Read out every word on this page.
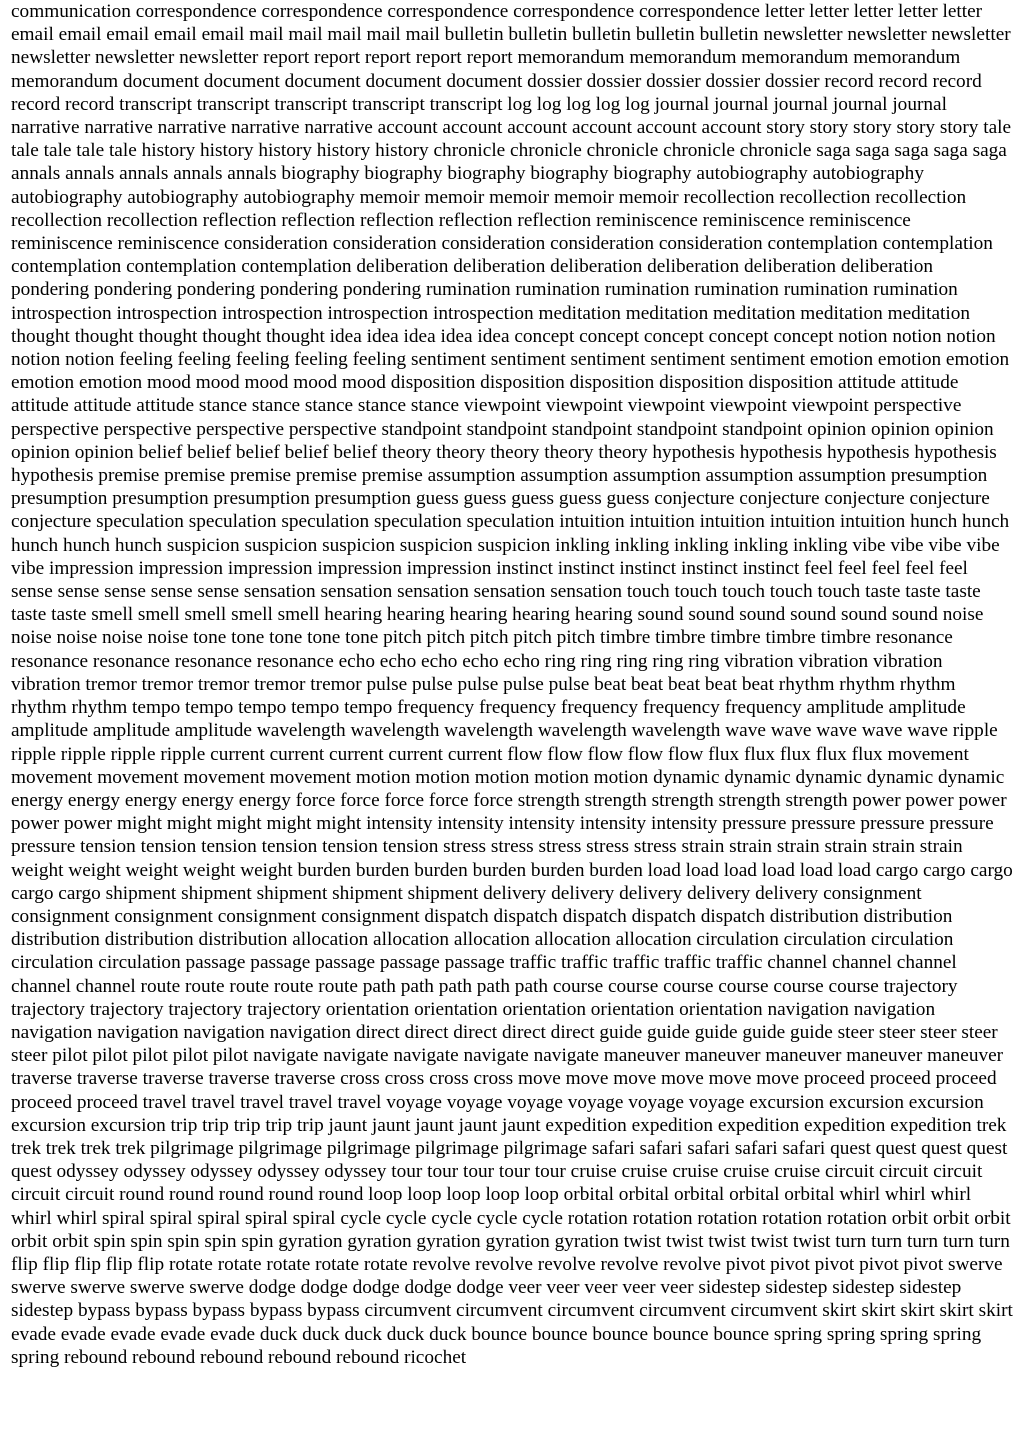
communication correspondence correspondence correspondence correspondence correspondence letter letter letter letter letter email email email email email mail mail mail mail mail bulletin bulletin bulletin bulletin bulletin newsletter newsletter newsletter newsletter newsletter newsletter report report report report report memorandum memorandum memorandum memorandum memorandum document document document document document dossier dossier dossier dossier dossier record record record record record transcript transcript transcript transcript transcript log log log log log journal journal journal journal journal narrative narrative narrative narrative narrative account account account account account account story story story story story tale tale tale tale tale history history history history history chronicle chronicle chronicle chronicle chronicle saga saga saga saga saga annals annals annals annals annals biography biography biography biography biography autobiography autobiography autobiography autobiography autobiography memoir memoir memoir memoir memoir recollection recollection recollection recollection recollection reflection reflection reflection reflection reflection reminiscence reminiscence reminiscence reminiscence reminiscence consideration consideration consideration consideration consideration contemplation contemplation contemplation contemplation contemplation deliberation deliberation deliberation deliberation deliberation deliberation pondering pondering pondering pondering pondering rumination rumination rumination rumination rumination rumination introspection introspection introspection introspection introspection meditation meditation meditation meditation meditation thought thought thought thought thought idea idea idea idea idea concept concept concept concept concept notion notion notion notion notion feeling feeling feeling feeling feeling sentiment sentiment sentiment sentiment sentiment emotion emotion emotion emotion emotion mood mood mood mood mood disposition disposition disposition disposition disposition attitude attitude attitude attitude attitude stance stance stance stance stance viewpoint viewpoint viewpoint viewpoint viewpoint perspective perspective perspective perspective perspective standpoint standpoint standpoint standpoint standpoint opinion opinion opinion opinion opinion belief belief belief belief belief theory theory theory theory theory hypothesis hypothesis hypothesis hypothesis hypothesis premise premise premise premise premise assumption assumption assumption assumption assumption presumption presumption presumption presumption presumption guess guess guess guess guess conjecture conjecture conjecture conjecture conjecture speculation speculation speculation speculation speculation intuition intuition intuition intuition intuition hunch hunch hunch hunch hunch suspicion suspicion suspicion suspicion suspicion inkling inkling inkling inkling inkling vibe vibe vibe vibe vibe impression impression impression impression impression instinct instinct instinct instinct instinct feel feel feel feel feel sense sense sense sense sense sensation sensation sensation sensation sensation touch touch touch touch touch taste taste taste taste taste smell smell smell smell smell hearing hearing hearing hearing hearing sound sound sound sound sound sound noise noise noise noise noise tone tone tone tone tone pitch pitch pitch pitch pitch timbre timbre timbre timbre timbre resonance resonance resonance resonance resonance echo echo echo echo echo ring ring ring ring ring vibration vibration vibration vibration tremor tremor tremor tremor tremor pulse pulse pulse pulse pulse beat beat beat beat beat rhythm rhythm rhythm rhythm rhythm tempo tempo tempo tempo tempo frequency frequency frequency frequency frequency amplitude amplitude amplitude amplitude amplitude wavelength wavelength wavelength wavelength wavelength wave wave wave wave wave ripple ripple ripple ripple ripple current current current current current flow flow flow flow flow flux flux flux flux flux movement movement movement movement movement motion motion motion motion motion dynamic dynamic dynamic dynamic dynamic energy energy energy energy energy force force force force force strength strength strength strength strength power power power power power might might might might might intensity intensity intensity intensity intensity pressure pressure pressure pressure pressure tension tension tension tension tension tension stress stress stress stress stress strain strain strain strain strain strain weight weight weight weight weight burden burden burden burden burden burden load load load load load load cargo cargo cargo cargo cargo shipment shipment shipment shipment shipment delivery delivery delivery delivery delivery consignment consignment consignment consignment consignment dispatch dispatch dispatch dispatch dispatch distribution distribution distribution distribution distribution allocation allocation allocation allocation allocation circulation circulation circulation circulation circulation passage passage passage passage passage traffic traffic traffic traffic traffic channel channel channel channel channel route route route route route path path path path path course course course course course course trajectory trajectory trajectory trajectory trajectory orientation orientation orientation orientation orientation navigation navigation navigation navigation navigation navigation direct direct direct direct direct guide guide guide guide guide steer steer steer steer steer pilot pilot pilot pilot pilot navigate navigate navigate navigate navigate maneuver maneuver maneuver maneuver maneuver traverse traverse traverse traverse traverse cross cross cross cross move move move move move move proceed proceed proceed proceed proceed travel travel travel travel travel voyage voyage voyage voyage voyage voyage excursion excursion excursion excursion excursion trip trip trip trip trip jaunt jaunt jaunt jaunt jaunt expedition expedition expedition expedition expedition trek trek trek trek trek pilgrimage pilgrimage pilgrimage pilgrimage pilgrimage safari safari safari safari safari quest quest quest quest quest odyssey odyssey odyssey odyssey odyssey tour tour tour tour tour cruise cruise cruise cruise cruise circuit circuit circuit circuit circuit round round round round round loop loop loop loop loop orbital orbital orbital orbital orbital whirl whirl whirl whirl whirl spiral spiral spiral spiral spiral cycle cycle cycle cycle cycle rotation rotation rotation rotation rotation orbit orbit orbit orbit orbit spin spin spin spin spin gyration gyration gyration gyration gyration twist twist twist twist twist turn turn turn turn turn flip flip flip flip flip rotate rotate rotate rotate rotate revolve revolve revolve revolve revolve pivot pivot pivot pivot pivot swerve swerve swerve swerve swerve dodge dodge dodge dodge dodge veer veer veer veer veer sidestep sidestep sidestep sidestep sidestep bypass bypass bypass bypass bypass circumvent circumvent circumvent circumvent circumvent skirt skirt skirt skirt skirt evade evade evade evade evade duck duck duck duck duck bounce bounce bounce bounce bounce spring spring spring spring spring rebound rebound rebound rebound rebound ricochet
